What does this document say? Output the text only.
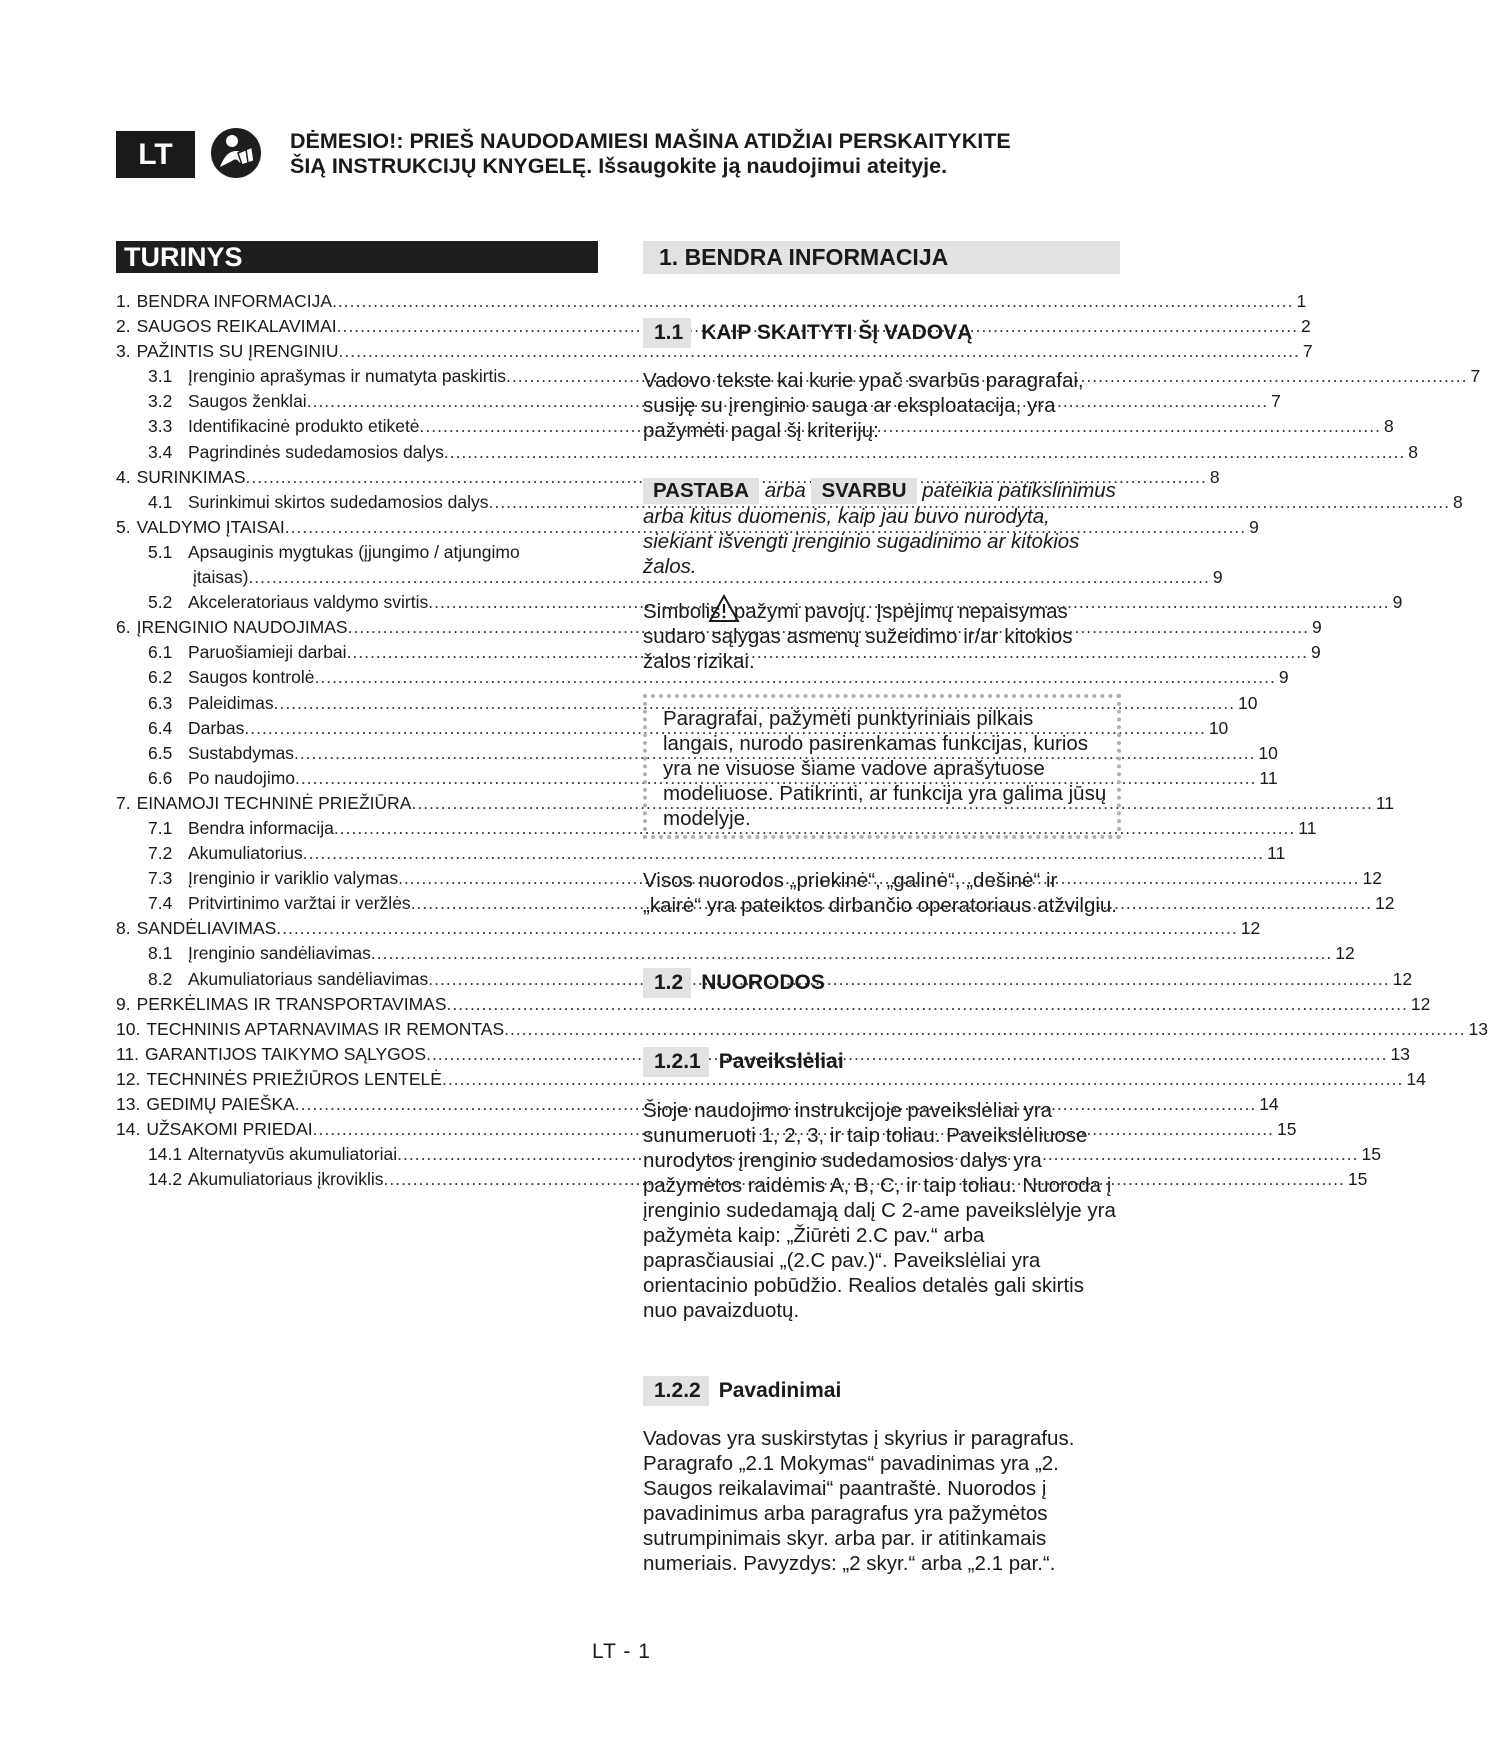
LT	DĖMESIO!: PRIEŠ NAUDODAMIESI MAŠINA ATIDŽIAI PERSKAITYKITE
ŠIĄ INSTRUKCIJŲ KNYGELĘ. Išsaugokite ją naudojimui ateityje.
TURINYS
1. BENDRA INFORMACIJA .....	1
2. SAUGOS REIKALAVIMAI .....	2
3. PAŽINTIS SU ĮRENGINIU .....	7
3.1 Įrenginio aprašymas ir numatyta paskirtis .....	7
3.2 Saugos ženklai .....	7
3.3 Identifikacinė produkto etiketė .....	8
3.4 Pagrindinės sudedamosios dalys .....	8
4. SURINKIMAS .....	8
4.1 Surinkimui skirtos sudedamosios dalys .....	8
5. VALDYMO ĮTAISAI .....	9
5.1 Apsauginis mygtukas (įjungimo / atjungimo
įtaisas) .....	9
5.2 Akceleratoriaus valdymo svirtis .....	9
6. ĮRENGINIO NAUDOJIMAS .....	9
6.1 Paruošiamieji darbai .....	9
6.2 Saugos kontrolė .....	9
6.3 Paleidimas .....	10
6.4 Darbas .....	10
6.5 Sustabdymas .....	10
6.6 Po naudojimo .....	11
7. EINAMOJI TECHNINĖ PRIEŽIŪRA .....	11
7.1 Bendra informacija .....	11
7.2 Akumuliatorius .....	11
7.3 Įrenginio ir variklio valymas .....	12
7.4 Pritvirtinimo varžtai ir veržlės .....	12
8. SANDĖLIAVIMAS .....	12
8.1 Įrenginio sandėliavimas .....	12
8.2 Akumuliatoriaus sandėliavimas .....	12
9. PERKĖLIMAS IR TRANSPORTAVIMAS .....	12
10. TECHNINIS APTARNAVIMAS IR REMONTAS .....	13
11. GARANTIJOS TAIKYMO SĄLYGOS .....	13
12. TECHNINĖS PRIEŽIŪROS LENTELĖ .....	14
13. GEDIMŲ PAIEŠKA .....	14
14. UŽSAKOMI PRIEDAI .....	15
14.1 Alternatyvūs akumuliatoriai .....	15
14.2 Akumuliatoriaus įkroviklis .....	15
1. BENDRA INFORMACIJA
1.1 KAIP SKAITYTI ŠĮ VADOVĄ
Vadovo tekste kai kurie ypač svarbūs paragrafai, susiję su įrenginio sauga ar eksploatacija, yra pažymėti pagal šį kriterijų:
PASTABA arba SVARBU pateikia patikslinimus arba kitus duomenis, kaip jau buvo nurodyta, siekiant išvengti įrenginio sugadinimo ar kitokios žalos.
Simbolis pažymi pavojų. Įspėjimų nepaisymas sudaro sąlygas asmenų sužeidimo ir/ar kitokios žalos rizikai.
Paragrafai, pažymėti punktyriniais pilkais langais, nurodo pasirenkamas funkcijas, kurios yra ne visuose šiame vadove aprašytuose modeliuose. Patikrinti, ar funkcija yra galima jūsų modelyje.
Visos nuorodos „priekinė“, „galinė“, „dešinė“ ir „kairė“ yra pateiktos dirbančio operatoriaus atžvilgiu.
1.2 NUORODOS
1.2.1 Paveikslėliai
Šioje naudojimo instrukcijoje paveikslėliai yra sunumeruoti 1, 2, 3, ir taip toliau. Paveikslėliuose nurodytos įrenginio sudedamosios dalys yra pažymėtos raidėmis A, B, C, ir taip toliau. Nuoroda į įrenginio sudedamąją dalį C 2-ame paveikslėlyje yra pažymėta kaip: „Žiūrėti 2.C pav.“ arba paprasčiausiai „(2.C pav.)“. Paveikslėliai yra orientacinio pobūdžio. Realios detalės gali skirtis nuo pavaizduotų.
1.2.2 Pavadinimai
Vadovas yra suskirstytas į skyrius ir paragrafus. Paragrafo „2.1 Mokymas“ pavadinimas yra „2. Saugos reikalavimai“ paantraštė. Nuorodos į pavadinimus arba paragrafus yra pažymėtos sutrumpinimais skyr. arba par. ir atitinkamais numeriais. Pavyzdys: „2 skyr.“ arba „2.1 par.“.
LT - 1
